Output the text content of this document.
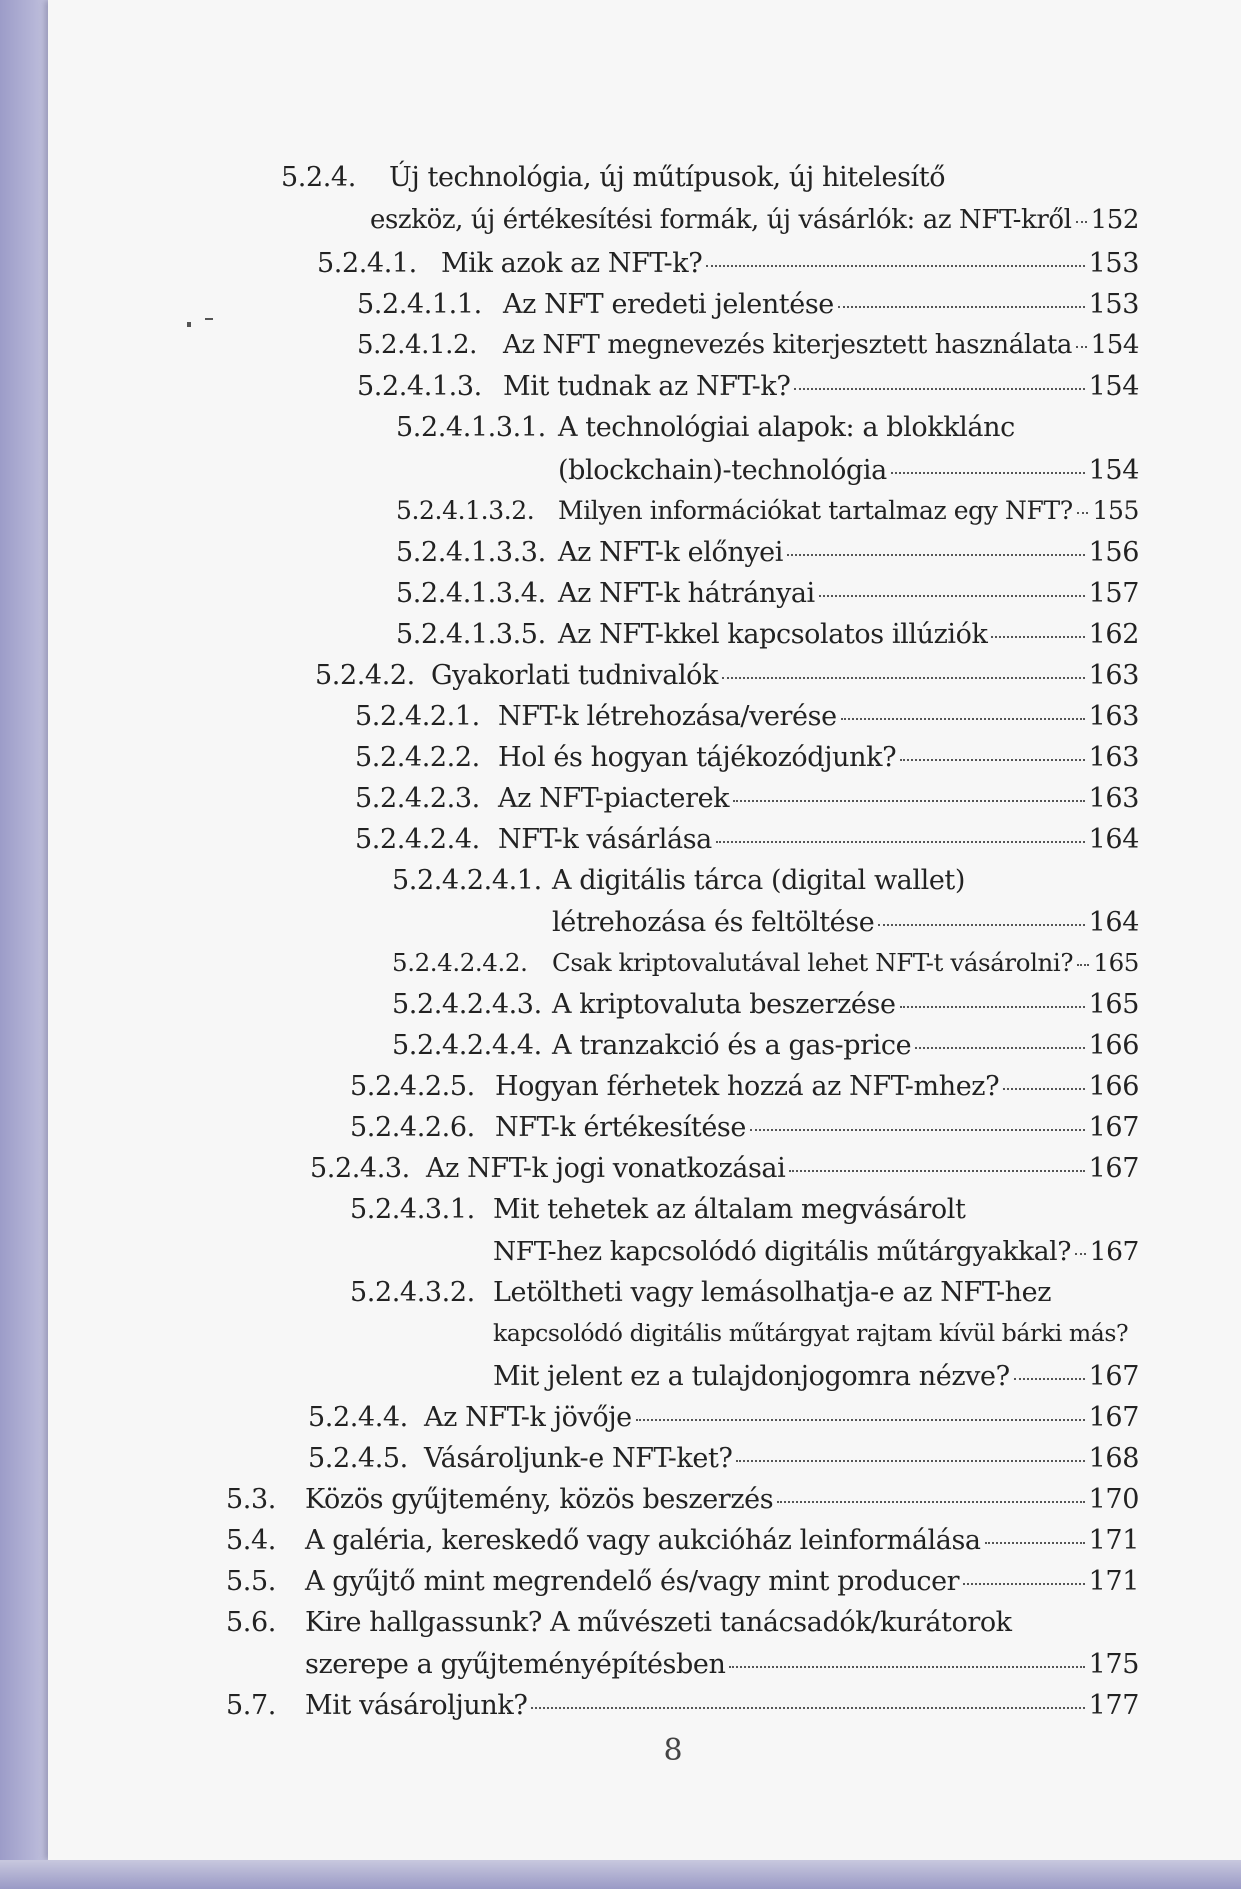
5.2.4.	Új technológia, új műtípusok, új hitelesítő
eszköz, új értékesítési formák, új vásárlók: az NFT-kről 152
5.2.4.1. Mik azok az NFT-k?	153
5.2.4.1.1. Az NFT eredeti jelentése	153
5.2.4.1.2. Az NFT megnevezés kiterjesztett használata 154
5.2.4.1.3. Mit tudnak az NFT-k?	154
5.2.4.1.3.1. A technológiai alapok: a blokklánc
(blockchain)-technológia	154
5.2.4.1.3.2. Milyen információkat tartalmaz egy NFT? 155
5.2.4.1.3.3. Az NFT-k előnyei	156
5.2.4.1.3.4. Az NFT-k hátrányai	157
5.2.4.1.3.5. Az NFT-kkel kapcsolatos illúziók	162
5.2.4.2. Gyakorlati tudnivalók	163
5.2.4.2.1. NFT-k létrehozása/verése	163
5.2.4.2.2. Hol és hogyan tájékozódjunk?	163
5.2.4.2.3. Az NFT-piacterek	163
5.2.4.2.4. NFT-k vásárlása	164
5.2.4.2.4.1. A digitális tárca (digital wallet)
létrehozása és feltöltése	164
5.2.4.2.4.2.	Csak kriptovalutával lehet NFT-t vásárolni? 165
5.2.4.2.4.3. A kriptovaluta beszerzése	165
5.2.4.2.4.4. A tranzakció és a gas-price	166
5.2.4.2.5. Hogyan férhetek hozzá az NFT-mhez?	166
5.2.4.2.6. NFT-k értékesítése	167
5.2.4.3. Az NFT-k jogi vonatkozásai	167
5.2.4.3.1. Mit tehetek az általam megvásárolt
NFT-hez kapcsolódó digitális műtárgyakkal? 167
5.2.4.3.2. Letöltheti vagy lemásolhatja-e az NFT-hez
kapcsolódó digitális műtárgyat rajtam kívül bárki más?
Mit jelent ez a tulajdonjogomra nézve?	167
5.2.4.4. Az NFT-k jövője	167
5.2.4.5. Vásároljunk-e NFT-ket?	168
5.3.	Közös gyűjtemény, közös beszerzés	170
5.4.	A galéria, kereskedő vagy aukcióház leinformálása	171
5.5.	A gyűjtő mint megrendelő és/vagy mint producer	171
5.6.	Kire hallgassunk? A művészeti tanácsadók/kurátorok
szerepe a gyűjteményépítésben	175
5.7.	Mit vásároljunk?	177
8
